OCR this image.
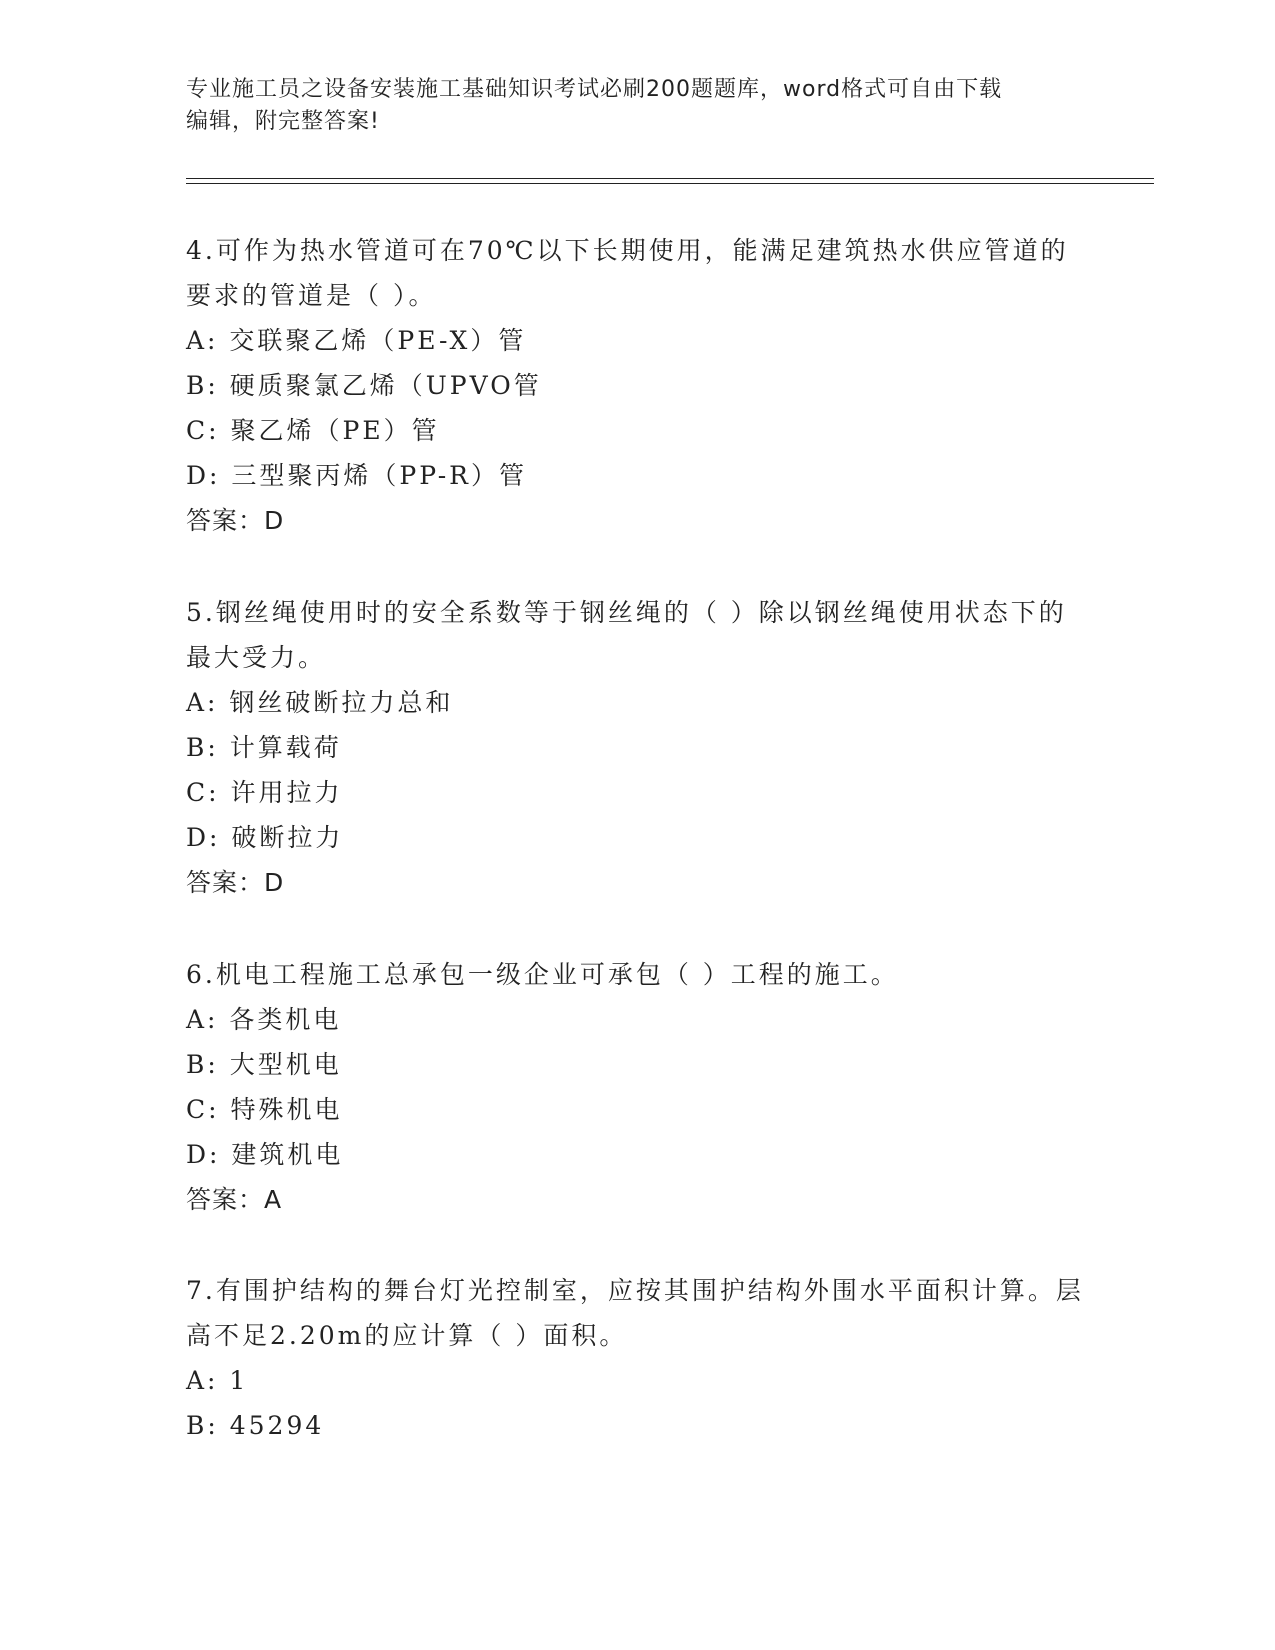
专业施工员之设备安装施工基础知识考试必刷200题题库，word格式可自由下载
编辑，附完整答案!
4.可作为热水管道可在70℃以下长期使用，能满足建筑热水供应管道的要求的管道是（ ）。
A: 交联聚乙烯（PE-X）管
B: 硬质聚氯乙烯（UPVO管
C: 聚乙烯（PE）管
D: 三型聚丙烯（PP-R）管
答案：D
5.钢丝绳使用时的安全系数等于钢丝绳的（ ）除以钢丝绳使用状态下的最大受力。
A: 钢丝破断拉力总和
B: 计算载荷
C: 许用拉力
D: 破断拉力
答案：D
6.机电工程施工总承包一级企业可承包（ ）工程的施工。
A: 各类机电
B: 大型机电
C: 特殊机电
D: 建筑机电
答案：A
7.有围护结构的舞台灯光控制室，应按其围护结构外围水平面积计算。层高不足2.20m的应计算（ ）面积。
A: 1
B: 45294
